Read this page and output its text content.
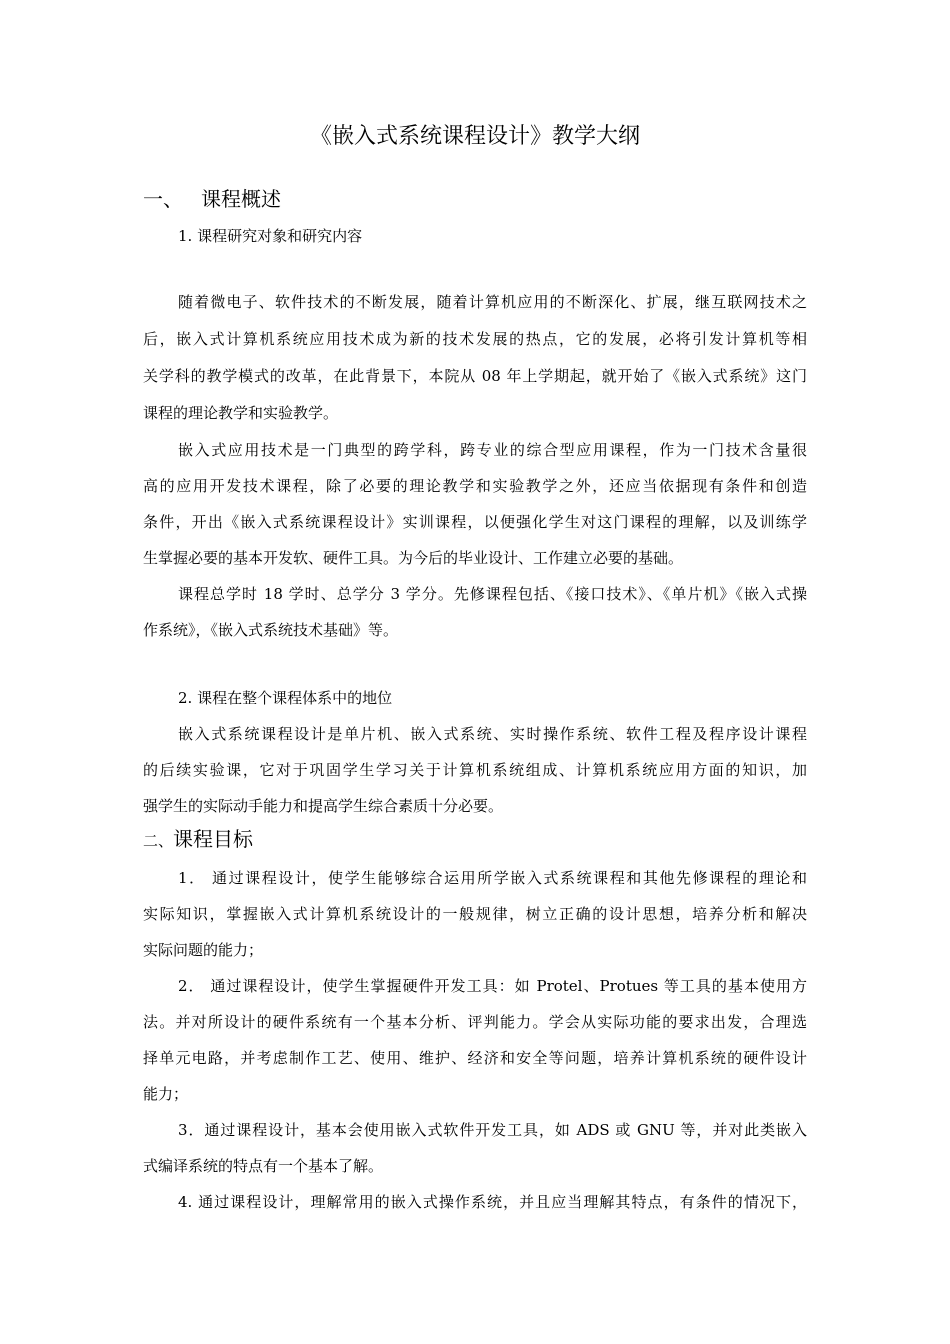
《嵌入式系统课程设计》教学大纲
一、 课程概述
1. 课程研究对象和研究内容
随着微电子、软件技术的不断发展，随着计算机应用的不断深化、扩展，继互联网技术之
后，嵌入式计算机系统应用技术成为新的技术发展的热点，它的发展，必将引发计算机等相
关学科的教学模式的改革，在此背景下，本院从 08 年上学期起，就开始了《嵌入式系统》这门
课程的理论教学和实验教学。
嵌入式应用技术是一门典型的跨学科，跨专业的综合型应用课程，作为一门技术含量很
高的应用开发技术课程，除了必要的理论教学和实验教学之外，还应当依据现有条件和创造
条件，开出《嵌入式系统课程设计》实训课程，以便强化学生对这门课程的理解，以及训练学
生掌握必要的基本开发软、硬件工具。为今后的毕业设计、工作建立必要的基础。
课程总学时 18 学时、总学分 3 学分。先修课程包括、《接口技术》、《单片机》《嵌入式操
作系统》，《嵌入式系统技术基础》等。
2. 课程在整个课程体系中的地位
嵌入式系统课程设计是单片机、嵌入式系统、实时操作系统、软件工程及程序设计课程
的后续实验课，它对于巩固学生学习关于计算机系统组成、计算机系统应用方面的知识，加
强学生的实际动手能力和提高学生综合素质十分必要。
二、课程目标
1． 通过课程设计，使学生能够综合运用所学嵌入式系统课程和其他先修课程的理论和
实际知识，掌握嵌入式计算机系统设计的一般规律，树立正确的设计思想，培养分析和解决
实际问题的能力；
2． 通过课程设计，使学生掌握硬件开发工具：如 Protel、Protues 等工具的基本使用方
法。并对所设计的硬件系统有一个基本分析、评判能力。学会从实际功能的要求出发，合理选
择单元电路，并考虑制作工艺、使用、维护、经济和安全等问题，培养计算机系统的硬件设计
能力；
3．通过课程设计，基本会使用嵌入式软件开发工具，如 ADS 或 GNU 等，并对此类嵌入
式编译系统的特点有一个基本了解。
4. 通过课程设计，理解常用的嵌入式操作系统，并且应当理解其特点，有条件的情况下，
